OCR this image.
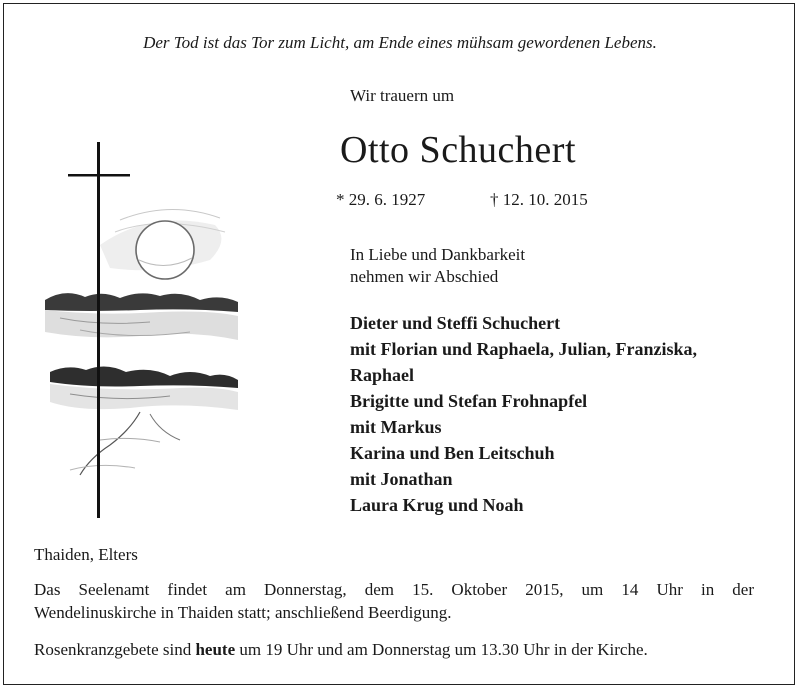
Der Tod ist das Tor zum Licht, am Ende eines mühsam gewordenen Lebens.
Wir trauern um
Otto Schuchert
* 29. 6. 1927	† 12. 10. 2015
In Liebe und Dankbarkeit
nehmen wir Abschied
Dieter und Steffi Schuchert
mit Florian und Raphaela, Julian, Franziska,
Raphael
Brigitte und Stefan Frohnapfel
mit Markus
Karina und Ben Leitschuh
mit Jonathan
Laura Krug und Noah
Thaiden, Elters
Das Seelenamt findet am Donnerstag, dem 15. Oktober 2015, um 14 Uhr in der
Wendelinuskirche in Thaiden statt; anschließend Beerdigung.
Rosenkranzgebete sind heute um 19 Uhr und am Donnerstag um 13.30 Uhr in der Kirche.
